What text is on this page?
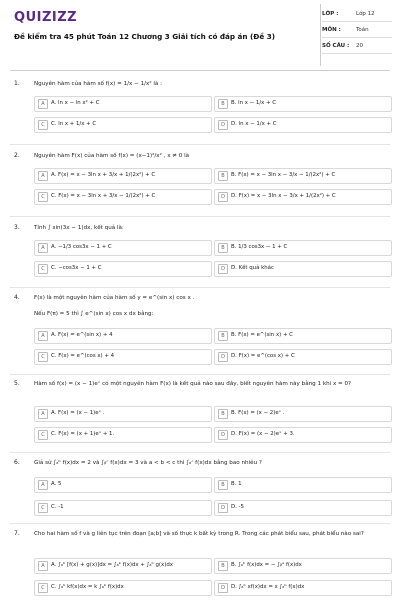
QUIZIZZ
Đề kiểm tra 45 phút Toán 12 Chương 3 Giải tích có đáp án (Đề 3)
LỚP :	Lớp 12
MÔN :	Toán
SỐ CÂU :	20
1.	Nguyên hàm của hàm số f(x) = 1/x − 1/x² là :
A	A. ln x − ln x² + C	B	B. ln x − 1/x + C
C	C. ln x + 1/x + C	D	D. ln x − 1/x + C
2.	Nguyên hàm F(x) của hàm số f(x) = (x−1)²/x² , x ≠ 0 là
A	A. F(x) = x − 3ln x + 3/x + 1/(2x²) + C	B	B. F(x) = x − 3ln x − 3/x − 1/(2x²) + C
C	C. F(x) = x − 3ln x + 3/x − 1/(2x²) + C	D	D. F(x) = x − 3ln x − 3/x + 1/(2x²) + C
3.	Tính ∫ sin(3x − 1)dx, kết quả là:
A	A. −1/3 cos3x − 1 + C	B	B. 1/3 cos3x − 1 + C
C	C. −cos3x − 1 + C	D	D. Kết quả khác
4.	F(x) là một nguyên hàm của hàm số y = e^(sin x) cos x .
Nếu F(π) = 5 thì ∫ e^(sin x) cos x dx bằng:
A	A. F(x) = e^(sin x) + 4	B	B. F(x) = e^(sin x) + C
C	C. F(x) = e^(cos x) + 4	D	D. F(x) = e^(cos x) + C
5.	Hàm số f(x) = (x − 1)eˣ có một nguyên hàm F(x) là kết quả nào sau đây, biết nguyên hàm này bằng 1 khi x = 0?
A	A. F(x) = (x − 1)eˣ .	B	B. F(x) = (x − 2)eˣ .
C	C. F(x) = (x + 1)eˣ + 1.	D	D. F(x) = (x − 2)eˣ + 3.
6.	Giả sử ∫ₐᵇ f(x)dx = 2 và ∫ᵦᶜ f(x)dx = 3 và a < b < c thì ∫ₐᶜ f(x)dx bằng bao nhiêu ?
A	A. 5	B	B. 1
C	C. -1	D	D. -5
7.	Cho hai hàm số f và g liên tục trên đoạn [a;b] và số thực k bất kỳ trong R. Trong các phát biểu sau, phát biểu nào sai?
A	A. ∫ₐᵇ [f(x) + g(x)]dx = ∫ₐᵇ f(x)dx + ∫ₐᵇ g(x)dx	B	B. ∫ₐᵇ f(x)dx = − ∫ᵦᵃ f(x)dx
C	C. ∫ₐᵇ kf(x)dx = k ∫ₐᵇ f(x)dx	D	D. ∫ₐᵇ xf(x)dx = x ∫ₐᵇ f(x)dx
